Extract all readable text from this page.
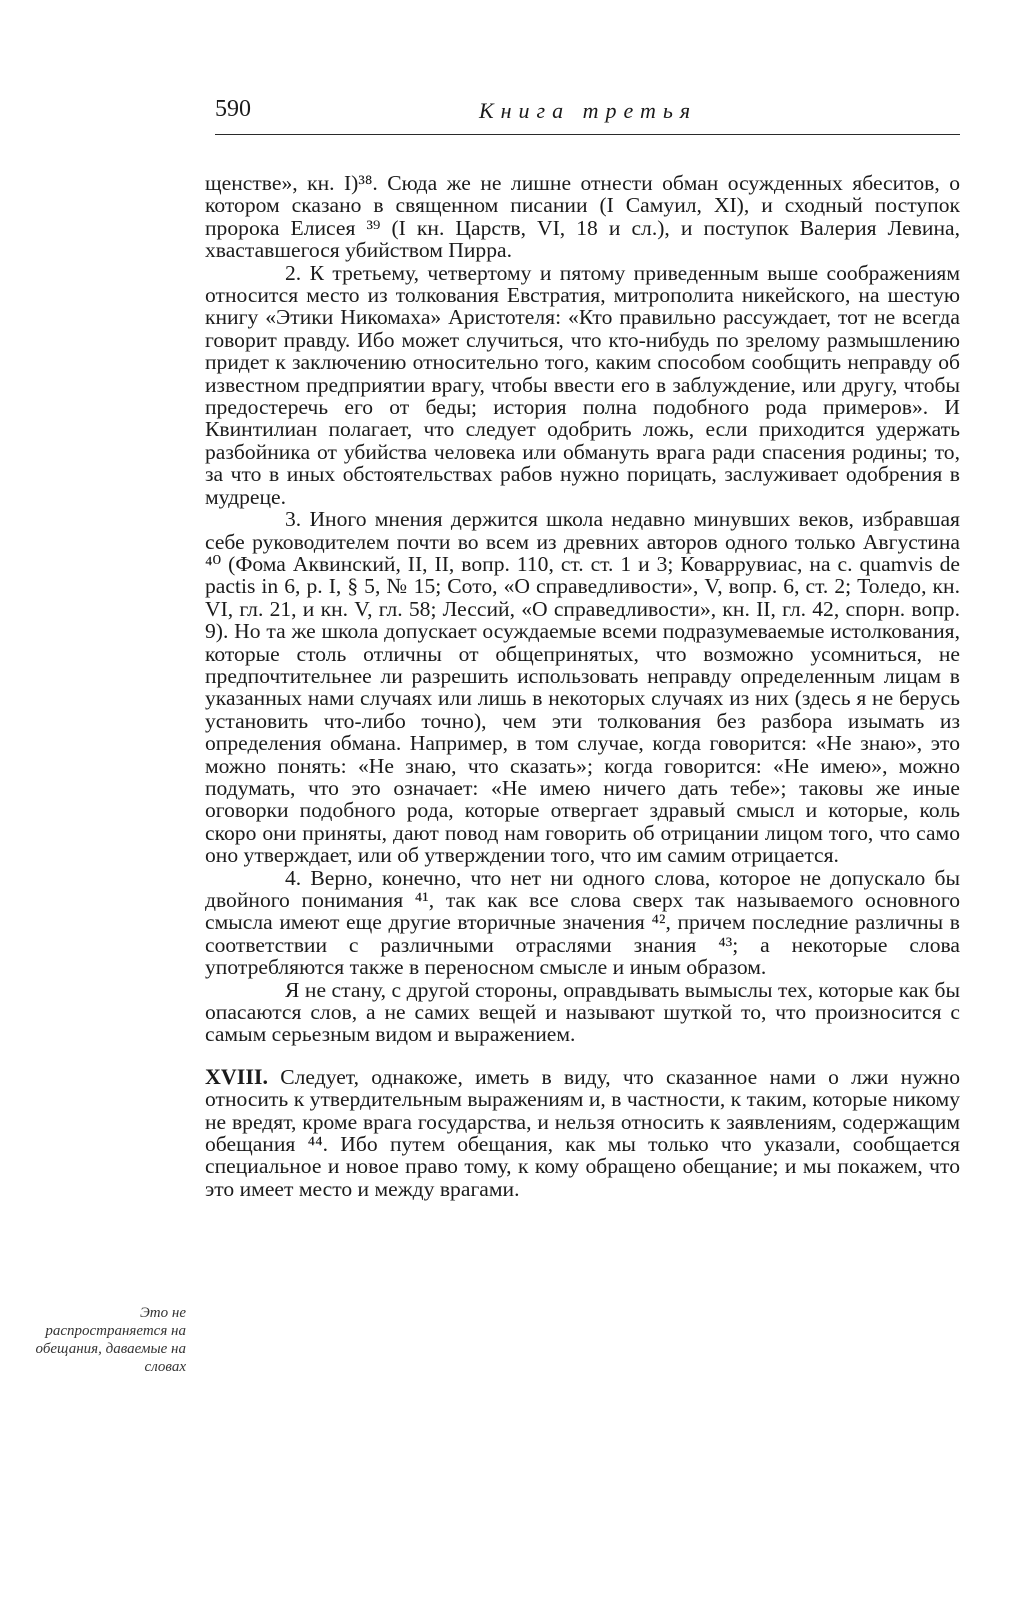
590	Книга третья
Это не распространяется на обещания, даваемые на словах

щенстве», кн. I)³⁸. Сюда же не лишне отнести обман осужденных ябеситов, о котором сказано в священном писании (I Самуил, XI), и сходный поступок пророка Елисея ³⁹ (I кн. Царств, VI, 18 и сл.), и поступок Валерия Левина, хваставшегося убийством Пирра.

2. К третьему, четвертому и пятому приведенным выше соображениям относится место из толкования Евстратия, митрополита никейского, на шестую книгу «Этики Никомаха» Аристотеля: «Кто правильно рассуждает, тот не всегда говорит правду. Ибо может случиться, что кто-нибудь по зрелому размышлению придет к заключению относительно того, каким способом сообщить неправду об известном предприятии врагу, чтобы ввести его в заблуждение, или другу, чтобы предостеречь его от беды; история полна подобного рода примеров». И Квинтилиан полагает, что следует одобрить ложь, если приходится удержать разбойника от убийства человека или обмануть врага ради спасения родины; то, за что в иных обстоятельствах рабов нужно порицать, заслуживает одобрения в мудреце.

3. Иного мнения держится школа недавно минувших веков, избравшая себе руководителем почти во всем из древних авторов одного только Августина ⁴⁰ (Фома Аквинский, II, II, вопр. 110, ст. ст. 1 и 3; Коваррувиас, на с. quamvis de pactis in 6, p. I, § 5, № 15; Сото, «О справедливости», V, вопр. 6, ст. 2; Толедо, кн. VI, гл. 21, и кн. V, гл. 58; Лессий, «О справедливости», кн. II, гл. 42, спорн. вопр. 9). Но та же школа допускает осуждаемые всеми подразумеваемые истолкования, которые столь отличны от общепринятых, что возможно усомниться, не предпочтительнее ли разрешить использовать неправду определенным лицам в указанных нами случаях или лишь в некоторых случаях из них (здесь я не берусь установить что-либо точно), чем эти толкования без разбора изымать из определения обмана. Например, в том случае, когда говорится: «Не знаю», это можно понять: «Не знаю, что сказать»; когда говорится: «Не имею», можно подумать, что это означает: «Не имею ничего дать тебе»; таковы же иные оговорки подобного рода, которые отвергает здравый смысл и которые, коль скоро они приняты, дают повод нам говорить об отрицании лицом того, что само оно утверждает, или об утверждении того, что им самим отрицается.

4. Верно, конечно, что нет ни одного слова, которое не допускало бы двойного понимания ⁴¹, так как все слова сверх так называемого основного смысла имеют еще другие вторичные значения ⁴², причем последние различны в соответствии с различными отраслями знания ⁴³; а некоторые слова употребляются также в переносном смысле и иным образом.

Я не стану, с другой стороны, оправдывать вымыслы тех, которые как бы опасаются слов, а не самих вещей и называют шуткой то, что произносится с самым серьезным видом и выражением.

XVIII. Следует, однакоже, иметь в виду, что сказанное нами о лжи нужно относить к утвердительным выражениям и, в частности, к таким, которые никому не вредят, кроме врага государства, и нельзя относить к заявлениям, содержащим обещания ⁴⁴. Ибо путем обещания, как мы только что указали, сообщается специальное и новое право тому, к кому обращено обещание; и мы покажем, что это имеет место и между врагами.
